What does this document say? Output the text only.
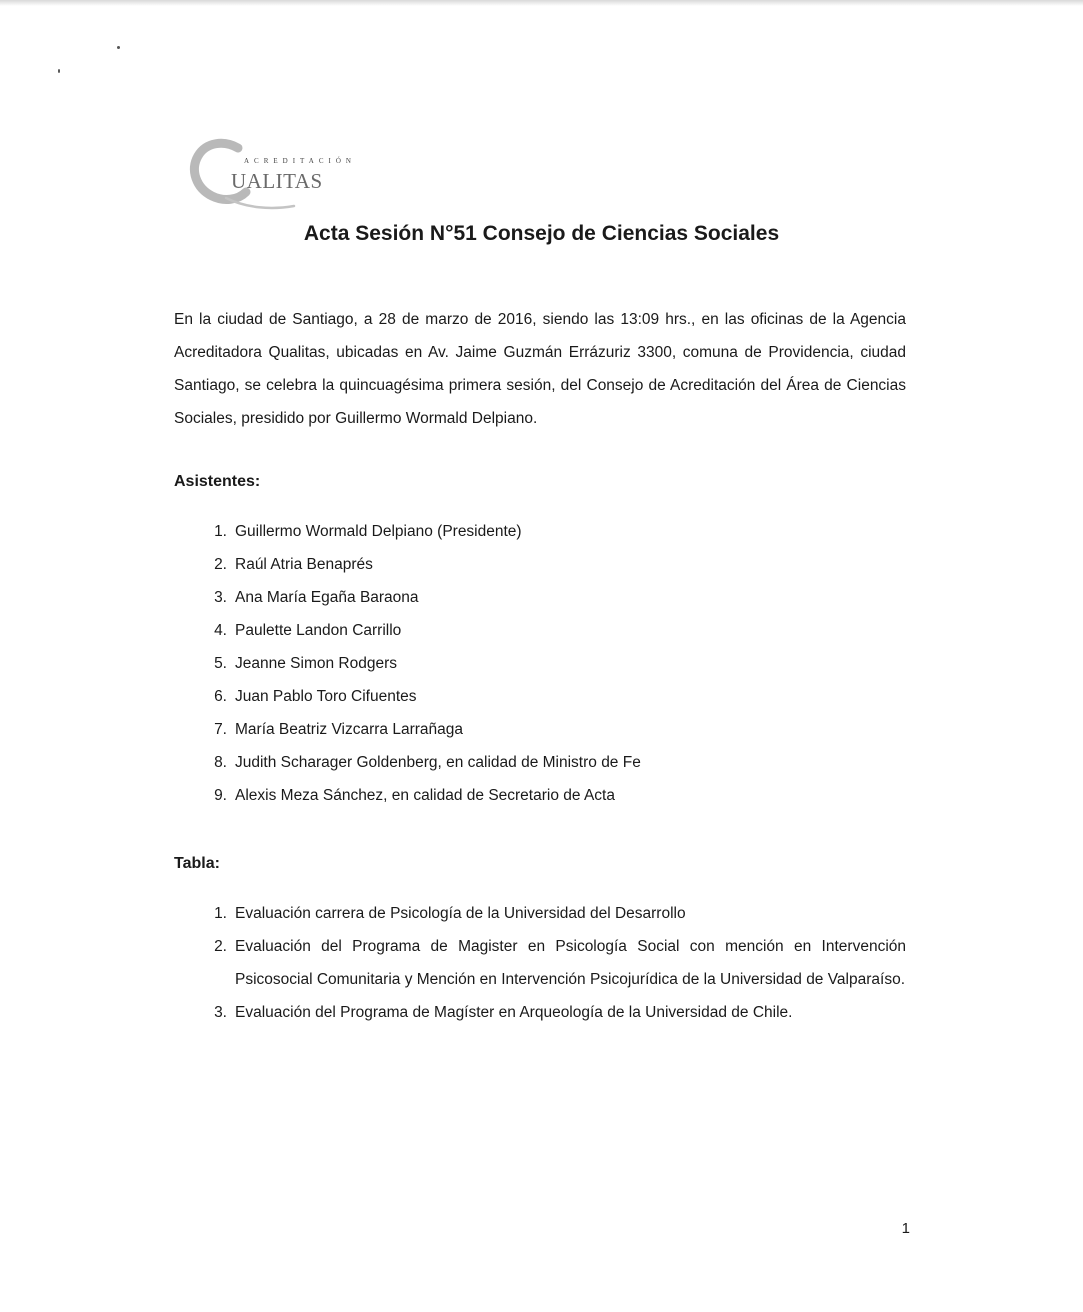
ACREDITACIÓN
UALITAS
Acta Sesión N°51 Consejo de Ciencias Sociales

En la ciudad de Santiago, a 28 de marzo de 2016, siendo las 13:09 hrs., en las oficinas de la Agencia Acreditadora Qualitas, ubicadas en Av. Jaime Guzmán Errázuriz 3300, comuna de Providencia, ciudad Santiago, se celebra la quincuagésima primera sesión, del Consejo de Acreditación del Área de Ciencias Sociales, presidido por Guillermo Wormald Delpiano.

Asistentes:

1. Guillermo Wormald Delpiano (Presidente)
2. Raúl Atria Benaprés
3. Ana María Egaña Baraona
4. Paulette Landon Carrillo
5. Jeanne Simon Rodgers
6. Juan Pablo Toro Cifuentes
7. María Beatriz Vizcarra Larrañaga
8. Judith Scharager Goldenberg, en calidad de Ministro de Fe
9. Alexis Meza Sánchez, en calidad de Secretario de Acta

Tabla:

1. Evaluación carrera de Psicología de la Universidad del Desarrollo
2. Evaluación del Programa de Magister en Psicología Social con mención en Intervención Psicosocial Comunitaria y Mención en Intervención Psicojurídica de la Universidad de Valparaíso.
3. Evaluación del Programa de Magíster en Arqueología de la Universidad de Chile.

1
